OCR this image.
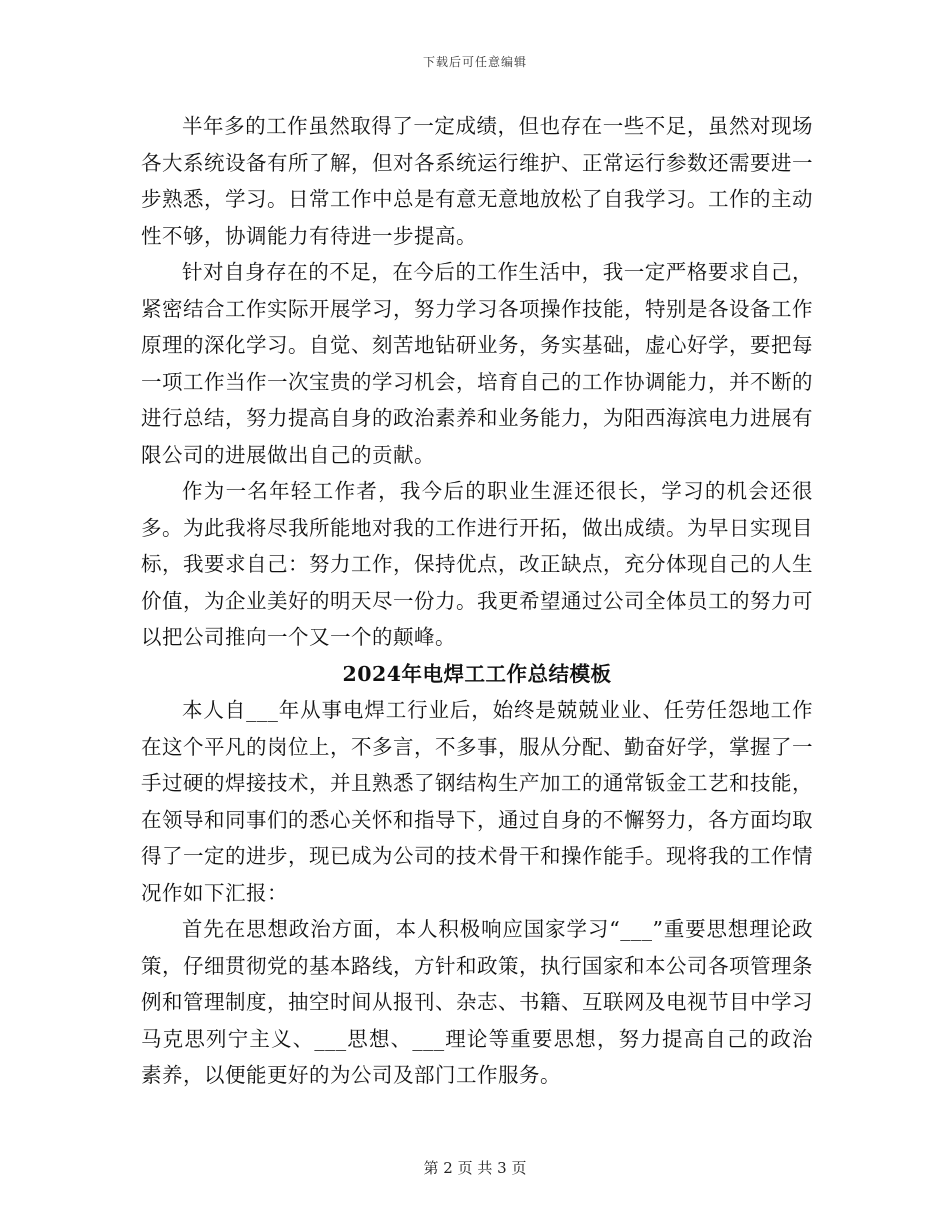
下载后可任意编辑

半年多的工作虽然取得了一定成绩，但也存在一些不足，虽然对现场各大系统设备有所了解，但对各系统运行维护、正常运行参数还需要进一步熟悉，学习。日常工作中总是有意无意地放松了自我学习。工作的主动性不够，协调能力有待进一步提高。

针对自身存在的不足，在今后的工作生活中，我一定严格要求自己，紧密结合工作实际开展学习，努力学习各项操作技能，特别是各设备工作原理的深化学习。自觉、刻苦地钻研业务，务实基础，虚心好学，要把每一项工作当作一次宝贵的学习机会，培育自己的工作协调能力，并不断的进行总结，努力提高自身的政治素养和业务能力，为阳西海滨电力进展有限公司的进展做出自己的贡献。

作为一名年轻工作者，我今后的职业生涯还很长，学习的机会还很多。为此我将尽我所能地对我的工作进行开拓，做出成绩。为早日实现目标，我要求自己：努力工作，保持优点，改正缺点，充分体现自己的人生价值，为企业美好的明天尽一份力。我更希望通过公司全体员工的努力可以把公司推向一个又一个的颠峰。

2024年电焊工工作总结模板

本人自___年从事电焊工行业后，始终是兢兢业业、任劳任怨地工作在这个平凡的岗位上，不多言，不多事，服从分配、勤奋好学，掌握了一手过硬的焊接技术，并且熟悉了钢结构生产加工的通常钣金工艺和技能，在领导和同事们的悉心关怀和指导下，通过自身的不懈努力，各方面均取得了一定的进步，现已成为公司的技术骨干和操作能手。现将我的工作情况作如下汇报：

首先在思想政治方面，本人积极响应国家学习“___”重要思想理论政策，仔细贯彻党的基本路线，方针和政策，执行国家和本公司各项管理条例和管理制度，抽空时间从报刊、杂志、书籍、互联网及电视节目中学习马克思列宁主义、___思想、___理论等重要思想，努力提高自己的政治素养，以便能更好的为公司及部门工作服务。

第 2 页 共 3 页
